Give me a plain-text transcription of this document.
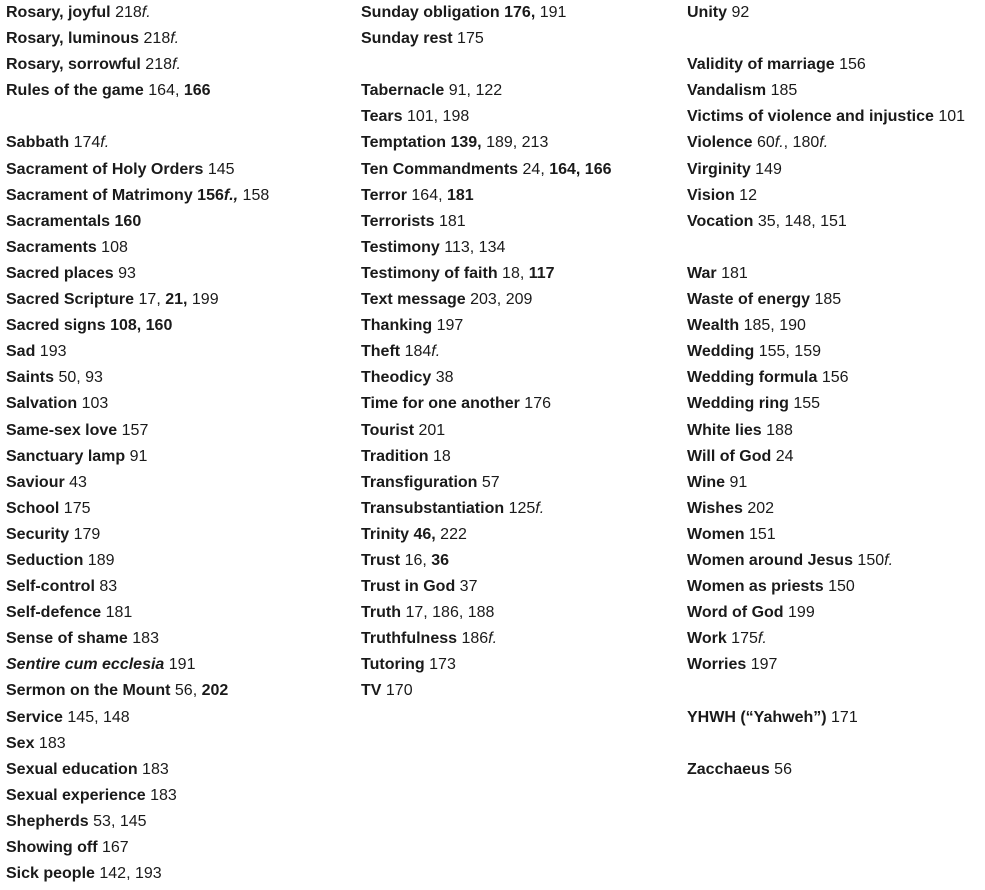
Rosary, joyful 218f.
Rosary, luminous 218f.
Rosary, sorrowful 218f.
Rules of the game 164, 166
Sabbath 174f.
Sacrament of Holy Orders 145
Sacrament of Matrimony 156f., 158
Sacramentals 160
Sacraments 108
Sacred places 93
Sacred Scripture 17, 21, 199
Sacred signs 108, 160
Sad 193
Saints 50, 93
Salvation 103
Same-sex love 157
Sanctuary lamp 91
Saviour 43
School 175
Security 179
Seduction 189
Self-control 83
Self-defence 181
Sense of shame 183
Sentire cum ecclesia 191
Sermon on the Mount 56, 202
Service 145, 148
Sex 183
Sexual education 183
Sexual experience 183
Shepherds 53, 145
Showing off 167
Sick people 142, 193
Sunday obligation 176, 191
Sunday rest 175
Tabernacle 91, 122
Tears 101, 198
Temptation 139, 189, 213
Ten Commandments 24, 164, 166
Terror 164, 181
Terrorists 181
Testimony 113, 134
Testimony of faith 18, 117
Text message 203, 209
Thanking 197
Theft 184f.
Theodicy 38
Time for one another 176
Tourist 201
Tradition 18
Transfiguration 57
Transubstantiation 125f.
Trinity 46, 222
Trust 16, 36
Trust in God 37
Truth 17, 186, 188
Truthfulness 186f.
Tutoring 173
TV 170
Unity 92
Validity of marriage 156
Vandalism 185
Victims of violence and injustice 101
Violence 60f., 180f.
Virginity 149
Vision 12
Vocation 35, 148, 151
War 181
Waste of energy 185
Wealth 185, 190
Wedding 155, 159
Wedding formula 156
Wedding ring 155
White lies 188
Will of God 24
Wine 91
Wishes 202
Women 151
Women around Jesus 150f.
Women as priests 150
Word of God 199
Work 175f.
Worries 197
YHWH (“Yahweh”) 171
Zacchaeus 56
